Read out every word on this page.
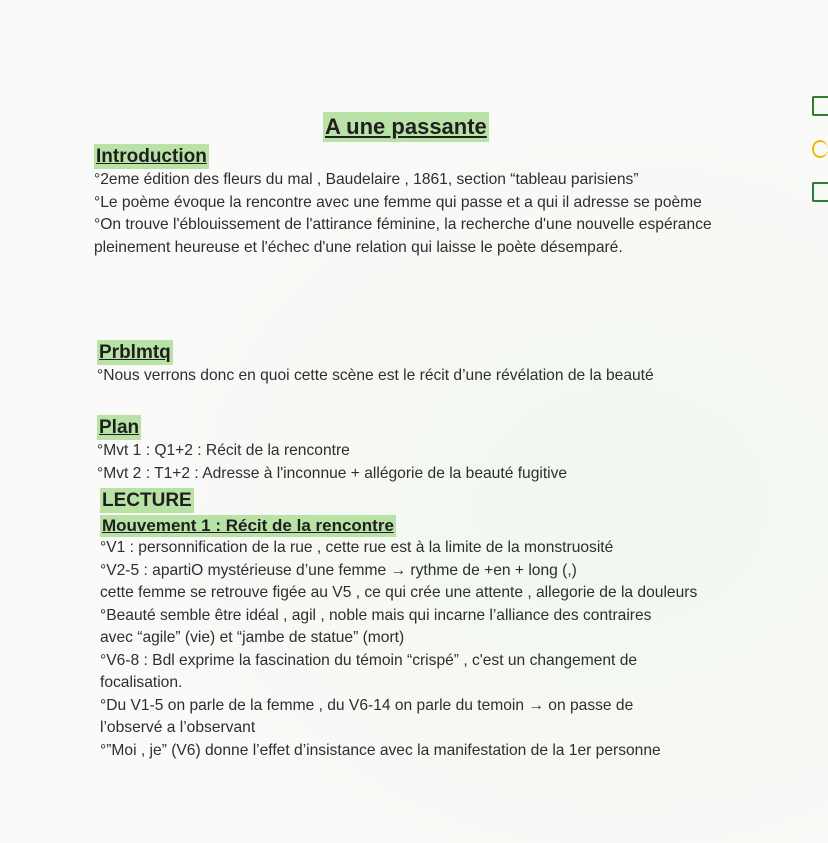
A une passante
Introduction

°2eme édition des fleurs du mal , Baudelaire , 1861, section “tableau parisiens”

°Le poème évoque la rencontre avec une femme qui passe et a qui il adresse se poème

°On trouve l'éblouissement de l'attirance féminine, la recherche d'une nouvelle espérance pleinement heureuse et l'échec d'une relation qui laisse le poète désemparé.

Prblmtq

°Nous verrons donc en quoi cette scène est le récit d’une révélation de la beauté

Plan

°Mvt 1 : Q1+2 : Récit de la rencontre

°Mvt 2 : T1+2 : Adresse à l'inconnue + allégorie de la beauté fugitive

LECTURE
Mouvement 1 : Récit de la rencontre

°V1 : personnification de la rue , cette rue est à la limite de la monstruosité

°V2-5 : apartiO mystérieuse d’une femme → rythme de +en + long (,)

cette femme se retrouve figée au V5 , ce qui crée une attente , allegorie de la douleurs

°Beauté semble être idéal , agil , noble mais qui incarne l’alliance des contraires avec “agile” (vie) et “jambe de statue” (mort)

°V6-8 : Bdl exprime la fascination du témoin “crispé” , c'est un changement de focalisation.

°Du V1-5 on parle de la femme , du V6-14 on parle du temoin → on passe de l’observé a l’observant

°”Moi , je” (V6) donne l’effet d’insistance avec la manifestation de la 1er personne
